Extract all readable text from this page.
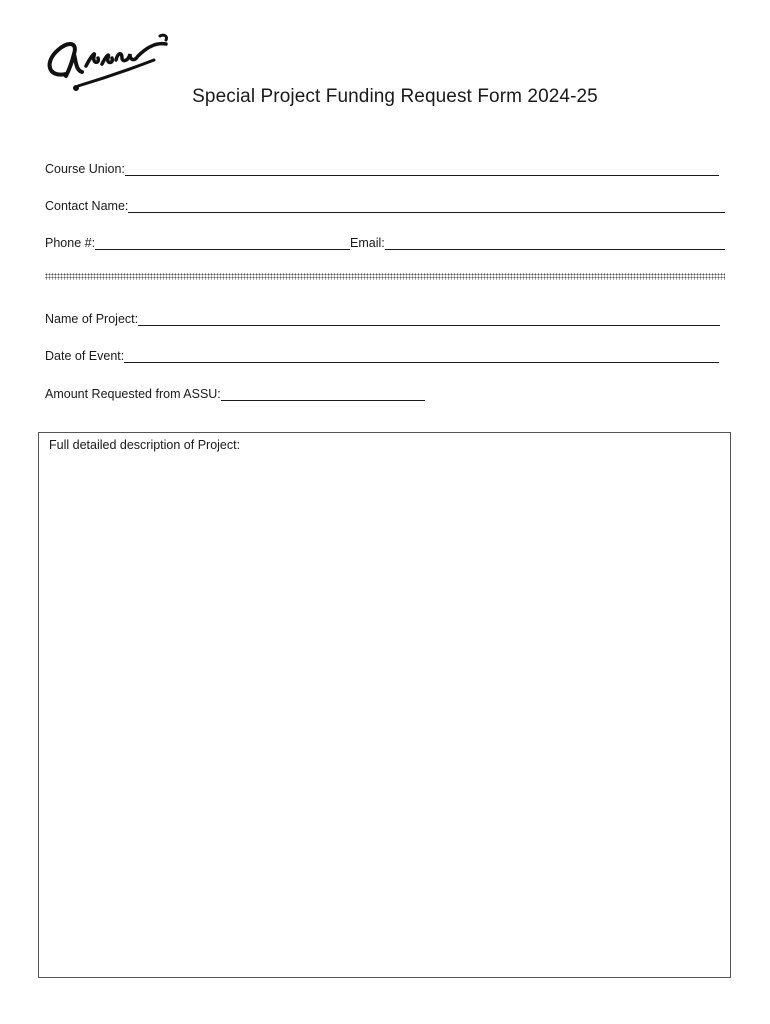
Special Project Funding Request Form 2024-25
Course Union:
Contact Name:
Phone #:	Email:
Name of Project:
Date of Event:
Amount Requested from ASSU:
Full detailed description of Project:
